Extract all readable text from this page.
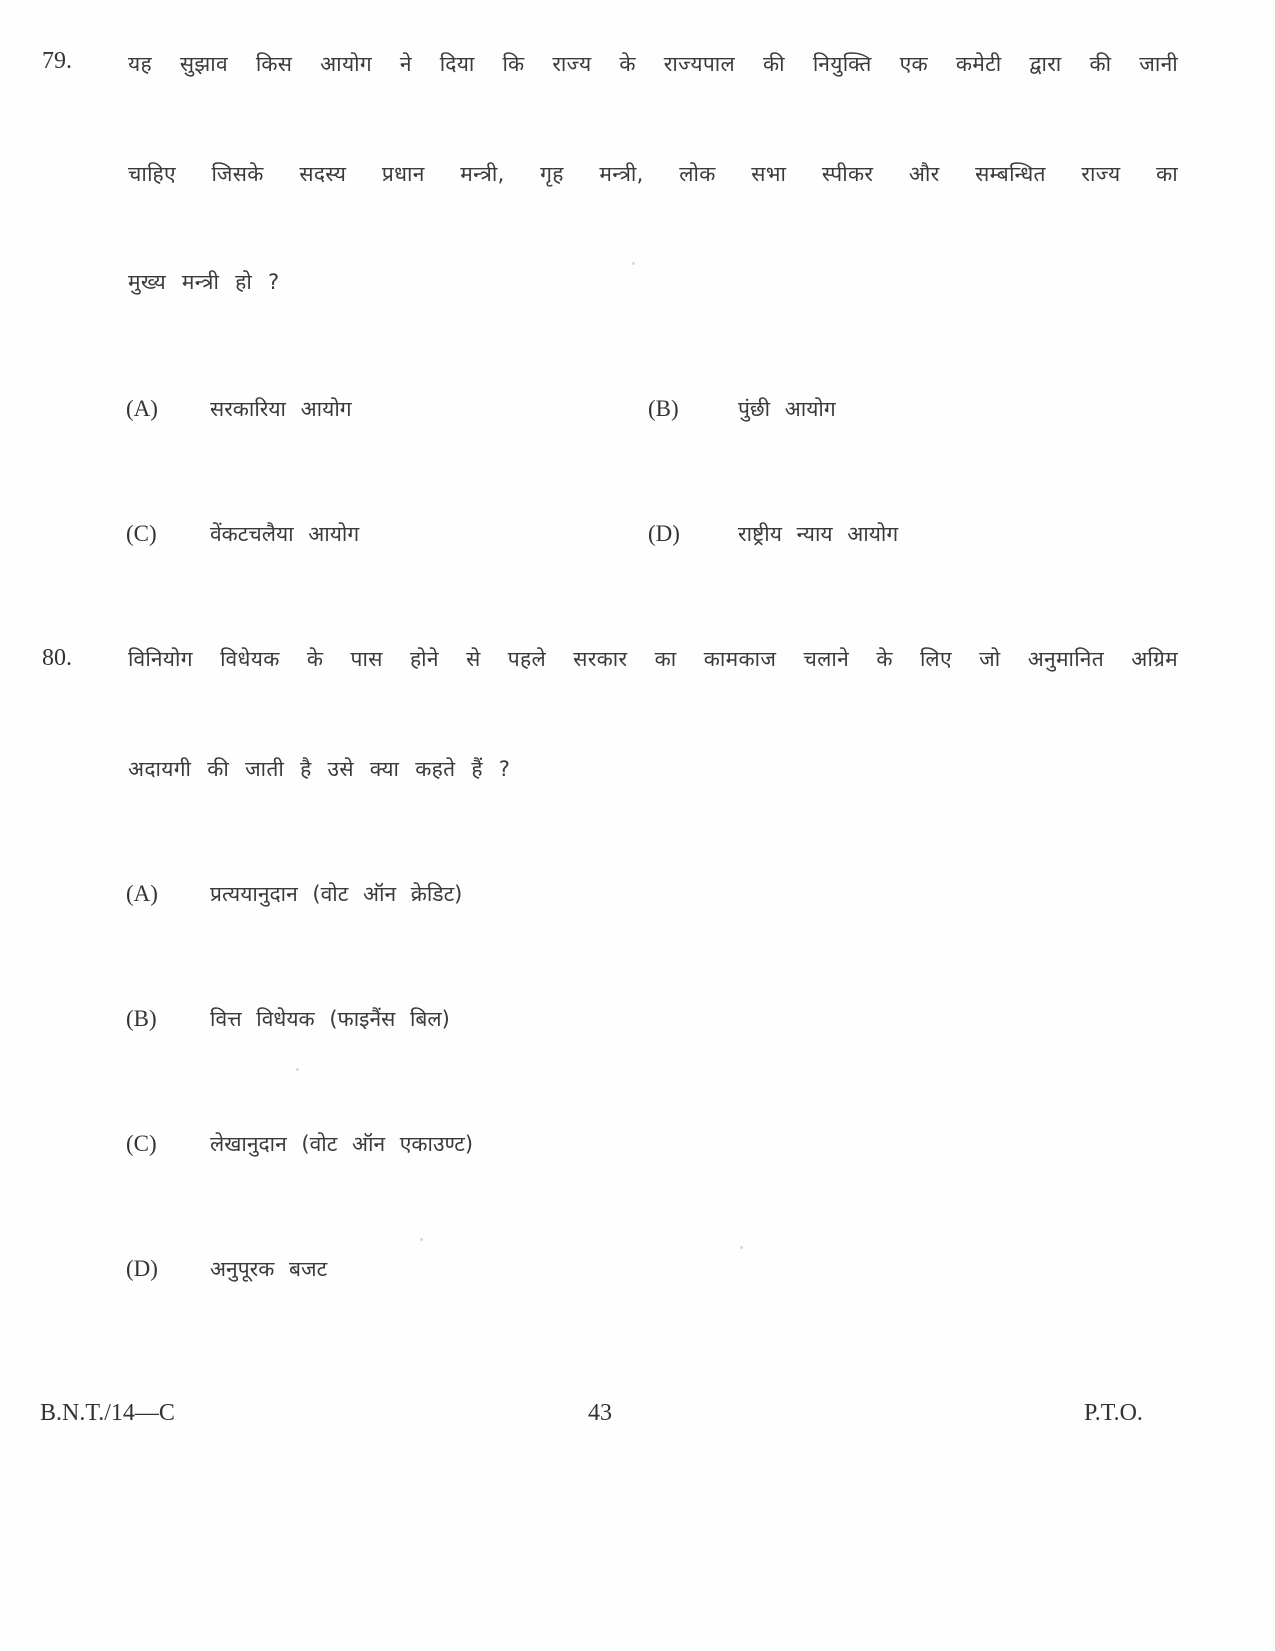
79.	यह सुझाव किस आयोग ने दिया कि राज्य के राज्यपाल की नियुक्ति एक कमेटी द्वारा की जानी
चाहिए जिसके सदस्य प्रधान मन्त्री, गृह मन्त्री, लोक सभा स्पीकर और सम्बन्धित राज्य का
मुख्य मन्त्री हो ?
(A)	सरकारिया आयोग	(B)	पुंछी आयोग
(C)	वेंकटचलैया आयोग	(D)	राष्ट्रीय न्याय आयोग
80.	विनियोग विधेयक के पास होने से पहले सरकार का कामकाज चलाने के लिए जो अनुमानित अग्रिम
अदायगी की जाती है उसे क्या कहते हैं ?
(A)	प्रत्ययानुदान (वोट ऑन क्रेडिट)
(B)	वित्त विधेयक (फाइनैंस बिल)
(C)	लेखानुदान (वोट ऑन एकाउण्ट)
(D)	अनुपूरक बजट
B.N.T./14—C	43	P.T.O.
